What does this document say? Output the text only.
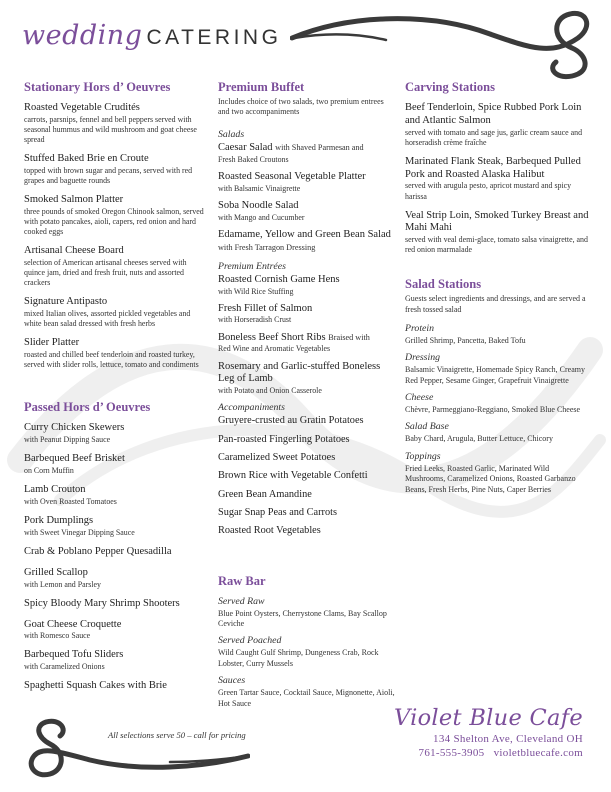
wedding CATERING
Stationary Hors d’ Oeuvres
Roasted Vegetable Crudités
carrots, parsnips, fennel and bell peppers served with seasonal hummus and wild mushroom and goat cheese spread
Stuffed Baked Brie en Croute
topped with brown sugar and pecans, served with red grapes and baguette rounds
Smoked Salmon Platter
three pounds of smoked Oregon Chinook salmon, served with potato pancakes, aioli, capers, red onion and hard cooked eggs
Artisanal Cheese Board
selection of American artisanal cheeses served with quince jam, dried and fresh fruit, nuts and assorted crackers
Signature Antipasto
mixed Italian olives, assorted pickled vegetables and white bean salad dressed with fresh herbs
Slider Platter
roasted and chilled beef tenderloin and roasted turkey, served with slider rolls, lettuce, tomato and condiments
Passed Hors d’ Oeuvres
Curry Chicken Skewers
with Peanut Dipping Sauce
Barbequed Beef Brisket
on Corn Muffin
Lamb Crouton
with Oven Roasted Tomatoes
Pork Dumplings
with Sweet Vinegar Dipping Sauce
Crab & Poblano Pepper Quesadilla
Grilled Scallop
with Lemon and Parsley
Spicy Bloody Mary Shrimp Shooters
Goat Cheese Croquette
with Romesco Sauce
Barbequed Tofu Sliders
with Caramelized Onions
Spaghetti Squash Cakes with Brie
Premium Buffet
Includes choice of two salads, two premium entrees and two accompaniments
Salads
Caesar Salad with Shaved Parmesan and
Fresh Baked Croutons
Roasted Seasonal Vegetable Platter
with Balsamic Vinaigrette
Soba Noodle Salad
with Mango and Cucumber
Edamame, Yellow and Green Bean Salad with Fresh Tarragon Dressing
Premium Entrées
Roasted Cornish Game Hens
with Wild Rice Stuffing
Fresh Fillet of Salmon
with Horseradish Crust
Boneless Beef Short Ribs Braised with
Red Wine and Aromatic Vegetables
Rosemary and Garlic-stuffed Boneless Leg of Lamb
with Potato and Onion Casserole
Accompaniments
Gruyere-crusted au Gratin Potatoes
Pan-roasted Fingerling Potatoes
Caramelized Sweet Potatoes
Brown Rice with Vegetable Confetti
Green Bean Amandine
Sugar Snap Peas and Carrots
Roasted Root Vegetables
Raw Bar
Served Raw
Blue Point Oysters, Cherrystone Clams, Bay Scallop Ceviche
Served Poached
Wild Caught Gulf Shrimp, Dungeness Crab, Rock Lobster, Curry Mussels
Sauces
Green Tartar Sauce, Cocktail Sauce, Mignonette, Aioli, Hot Sauce
Carving Stations
Beef Tenderloin, Spice Rubbed Pork Loin and Atlantic Salmon
served with tomato and sage jus, garlic cream sauce and horseradish crème fraîche
Marinated Flank Steak, Barbequed Pulled Pork and Roasted Alaska Halibut
served with arugula pesto, apricot mustard and spicy harissa
Veal Strip Loin, Smoked Turkey Breast and Mahi Mahi
served with veal demi-glace, tomato salsa vinaigrette, and red onion marmalade
Salad Stations
Guests select ingredients and dressings, and are served a fresh tossed salad
Protein
Grilled Shrimp, Pancetta, Baked Tofu
Dressing
Balsamic Vinaigrette, Homemade Spicy Ranch, Creamy Red Pepper, Sesame Ginger, Grapefruit Vinaigrette
Cheese
Chèvre, Parmeggiano-Reggiano, Smoked Blue Cheese
Salad Base
Baby Chard, Arugula, Butter Lettuce, Chicory
Toppings
Fried Leeks, Roasted Garlic, Marinated Wild Mushrooms, Caramelized Onions, Roasted Garbanzo Beans, Fresh Herbs, Pine Nuts, Caper Berries
All selections serve 50 – call for pricing
Violet Blue Cafe
134 Shelton Ave, Cleveland OH
761-555-3905 violetbluecafe.com
